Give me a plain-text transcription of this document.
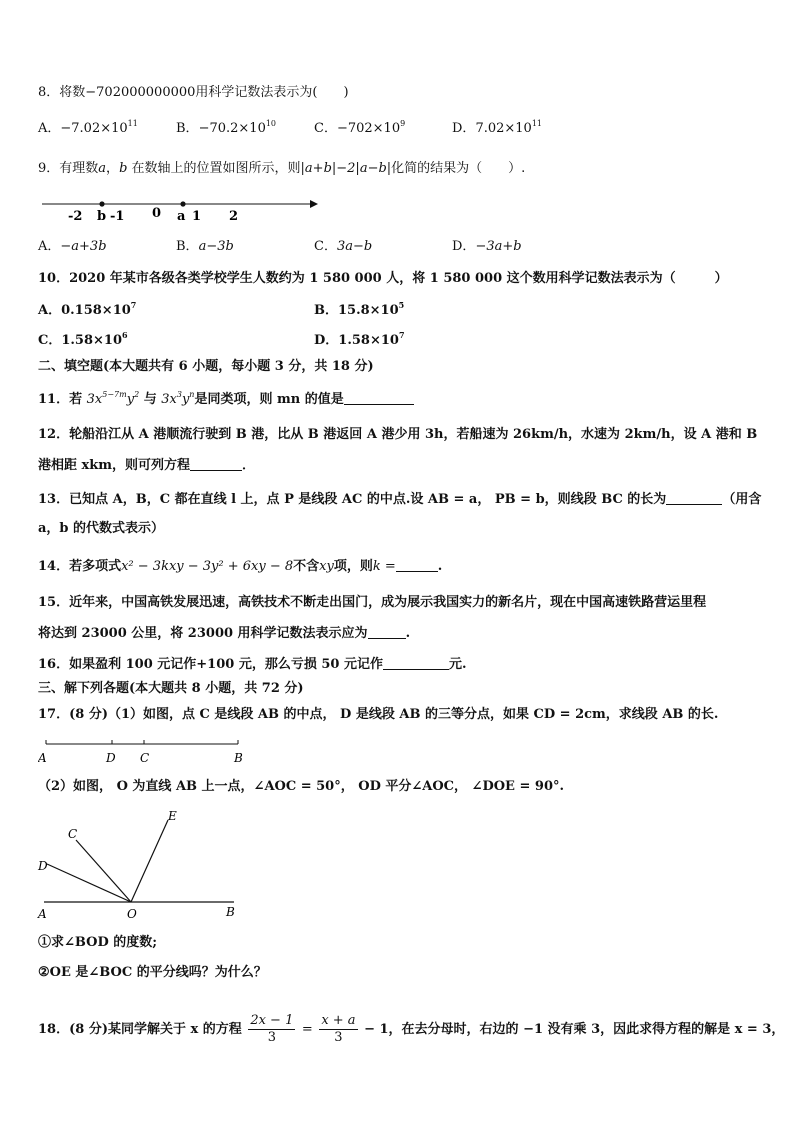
8．将数−702000000000用科学记数法表示为(　　)
A．$-7.02\times 10^{11}$	B．$-70.2\times 10^{10}$	C．$-702\times 10^9$	D．$7.02\times 10^{11}$
9．有理数a，b 在数轴上的位置如图所示，则|a+b|−2|a−b|化简的结果为（　　）.
-2 b -1 0 a 1 2
A．−a+3b	B．a−3b	C．3a−b	D．−3a+b
10．2020 年某市各级各类学校学生人数约为 1 580 000 人，将 1 580 000 这个数用科学记数法表示为（　　　）
A．$0.158\times 10^7$	B．$15.8\times 10^5$
C．$1.58\times 10^6$	D．$1.58\times 10^7$
二、填空题(本大题共有 6 小题，每小题 3 分，共 18 分)
11．若 $3x^{5-7m}y^2$ 与 $3x^3y^n$是同类项，则 mn 的值是
12．轮船沿江从 A 港顺流行驶到 B 港，比从 B 港返回 A 港少用 3h，若船速为 26km/h，水速为 2km/h，设 A 港和 B
港相距 xkm，则可列方程	．
13．已知点 A，B，C 都在直线 l 上，点 P 是线段 AC 的中点.设 AB = a， PB = b，则线段 BC 的长为	（用含
a，b 的代数式表示）
14．若多项式x² − 3kxy − 3y² + 6xy − 8不含xy项，则k =	.
15．近年来，中国高铁发展迅速，高铁技术不断走出国门，成为展示我国实力的新名片，现在中国高速铁路营运里程
将达到 23000 公里，将 23000 用科学记数法表示应为	.
16．如果盈利 100 元记作+100 元，那么亏损 50 元记作	元.
三、解下列各题(本大题共 8 小题，共 72 分)
17．(8 分)（1）如图，点 C 是线段 AB 的中点， D 是线段 AB 的三等分点，如果 CD = 2cm，求线段 AB 的长.
A	D C	B
（2）如图， O 为直线 AB 上一点，∠AOC = 50°， OD 平分∠AOC， ∠DOE = 90°.
C
E
D
A	O	B
①求∠BOD 的度数;
②OE 是∠BOC 的平分线吗？为什么？
18．(8 分)某同学解关于 x 的方程 $\frac{2x - 1}{3} = \frac{x + a}{3} - 1$，在去分母时，右边的 −1 没有乘 3，因此求得方程的解是 x = 3，
